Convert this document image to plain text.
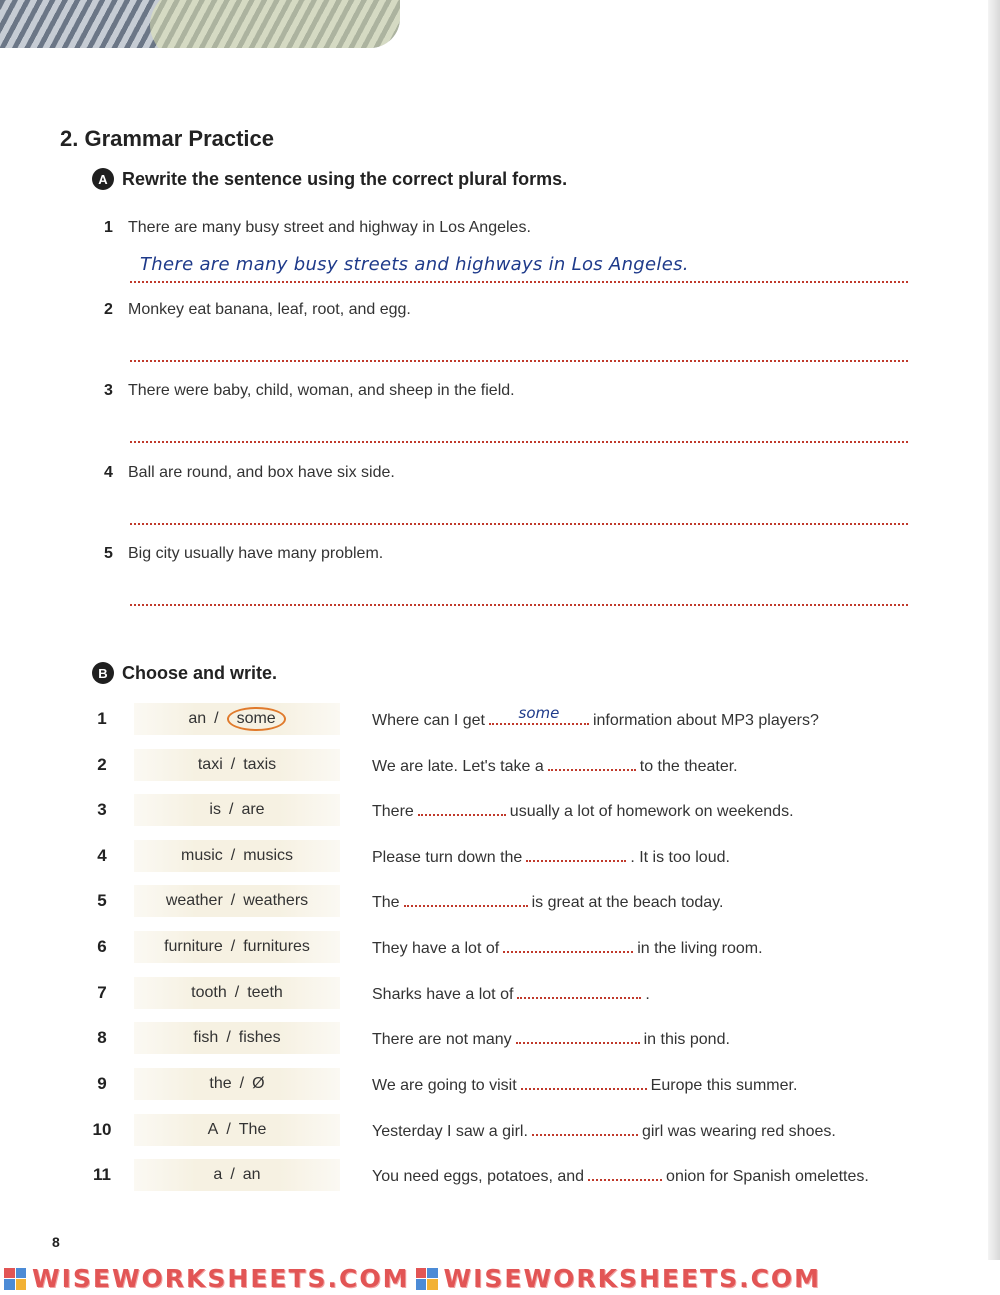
2. Grammar Practice
A Rewrite the sentence using the correct plural forms.
1 There are many busy street and highway in Los Angeles.
There are many busy streets and highways in Los Angeles.
2 Monkey eat banana, leaf, root, and egg.
3 There were baby, child, woman, and sheep in the field.
4 Ball are round, and box have six side.
5 Big city usually have many problem.
B Choose and write.
1	an /	some	Where can I get	some	information about MP3 players?
2	taxi / taxis	We are late. Let's take a	to the theater.
3	is / are	There	usually a lot of homework on weekends.
4	music / musics	Please turn down the	. It is too loud.
5	weather / weathers	The	is great at the beach today.
6	furniture / furnitures	They have a lot of	in the living room.
7	tooth / teeth	Sharks have a lot of	.
8	fish / fishes	There are not many	in this pond.
9	the / Ø	We are going to visit	Europe this summer.
10	A / The	Yesterday I saw a girl.	girl was wearing red shoes.
11	a / an	You need eggs, potatoes, and	onion for Spanish omelettes.
8
WISEWORKSHEETS.COM WISEWORKSHEETS.COM
